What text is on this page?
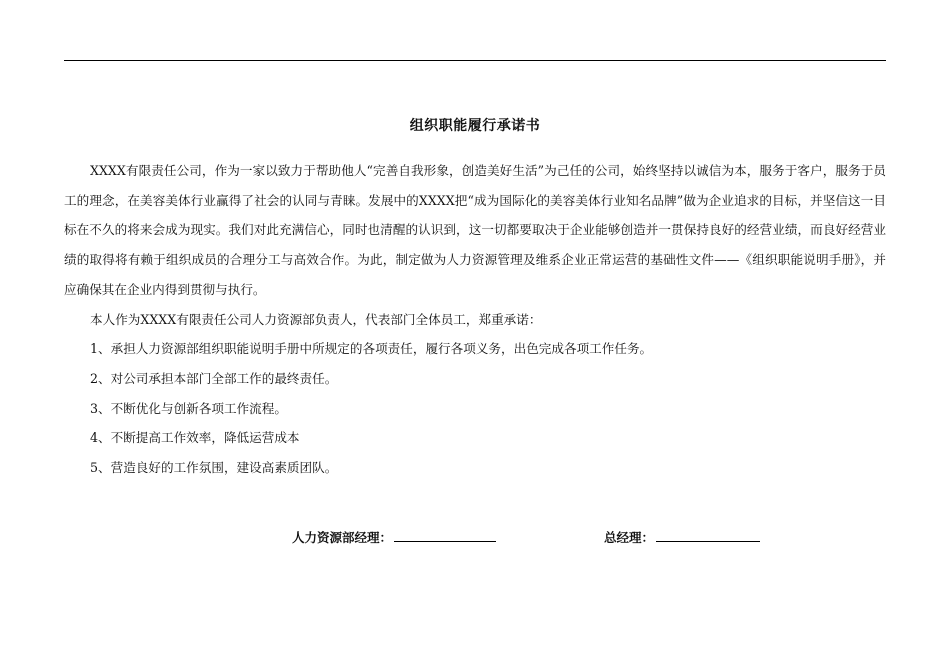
组织职能履行承诺书

XXXX有限责任公司，作为一家以致力于帮助他人“完善自我形象，创造美好生活”为己任的公司，始终坚持以诚信为本，服务于客户，服务于员工的理念，在美容美体行业赢得了社会的认同与青睐。发展中的XXXX把“成为国际化的美容美体行业知名品牌”做为企业追求的目标，并坚信这一目标在不久的将来会成为现实。我们对此充满信心，同时也清醒的认识到，这一切都要取决于企业能够创造并一贯保持良好的经营业绩，而良好经营业绩的取得将有赖于组织成员的合理分工与高效合作。为此，制定做为人力资源管理及维系企业正常运营的基础性文件——《组织职能说明手册》，并应确保其在企业内得到贯彻与执行。

本人作为XXXX有限责任公司人力资源部负责人，代表部门全体员工，郑重承诺：

1、承担人力资源部组织职能说明手册中所规定的各项责任，履行各项义务，出色完成各项工作任务。
2、对公司承担本部门全部工作的最终责任。
3、不断优化与创新各项工作流程。
4、不断提高工作效率，降低运营成本
5、营造良好的工作氛围，建设高素质团队。
人力资源部经理：	总经理：
